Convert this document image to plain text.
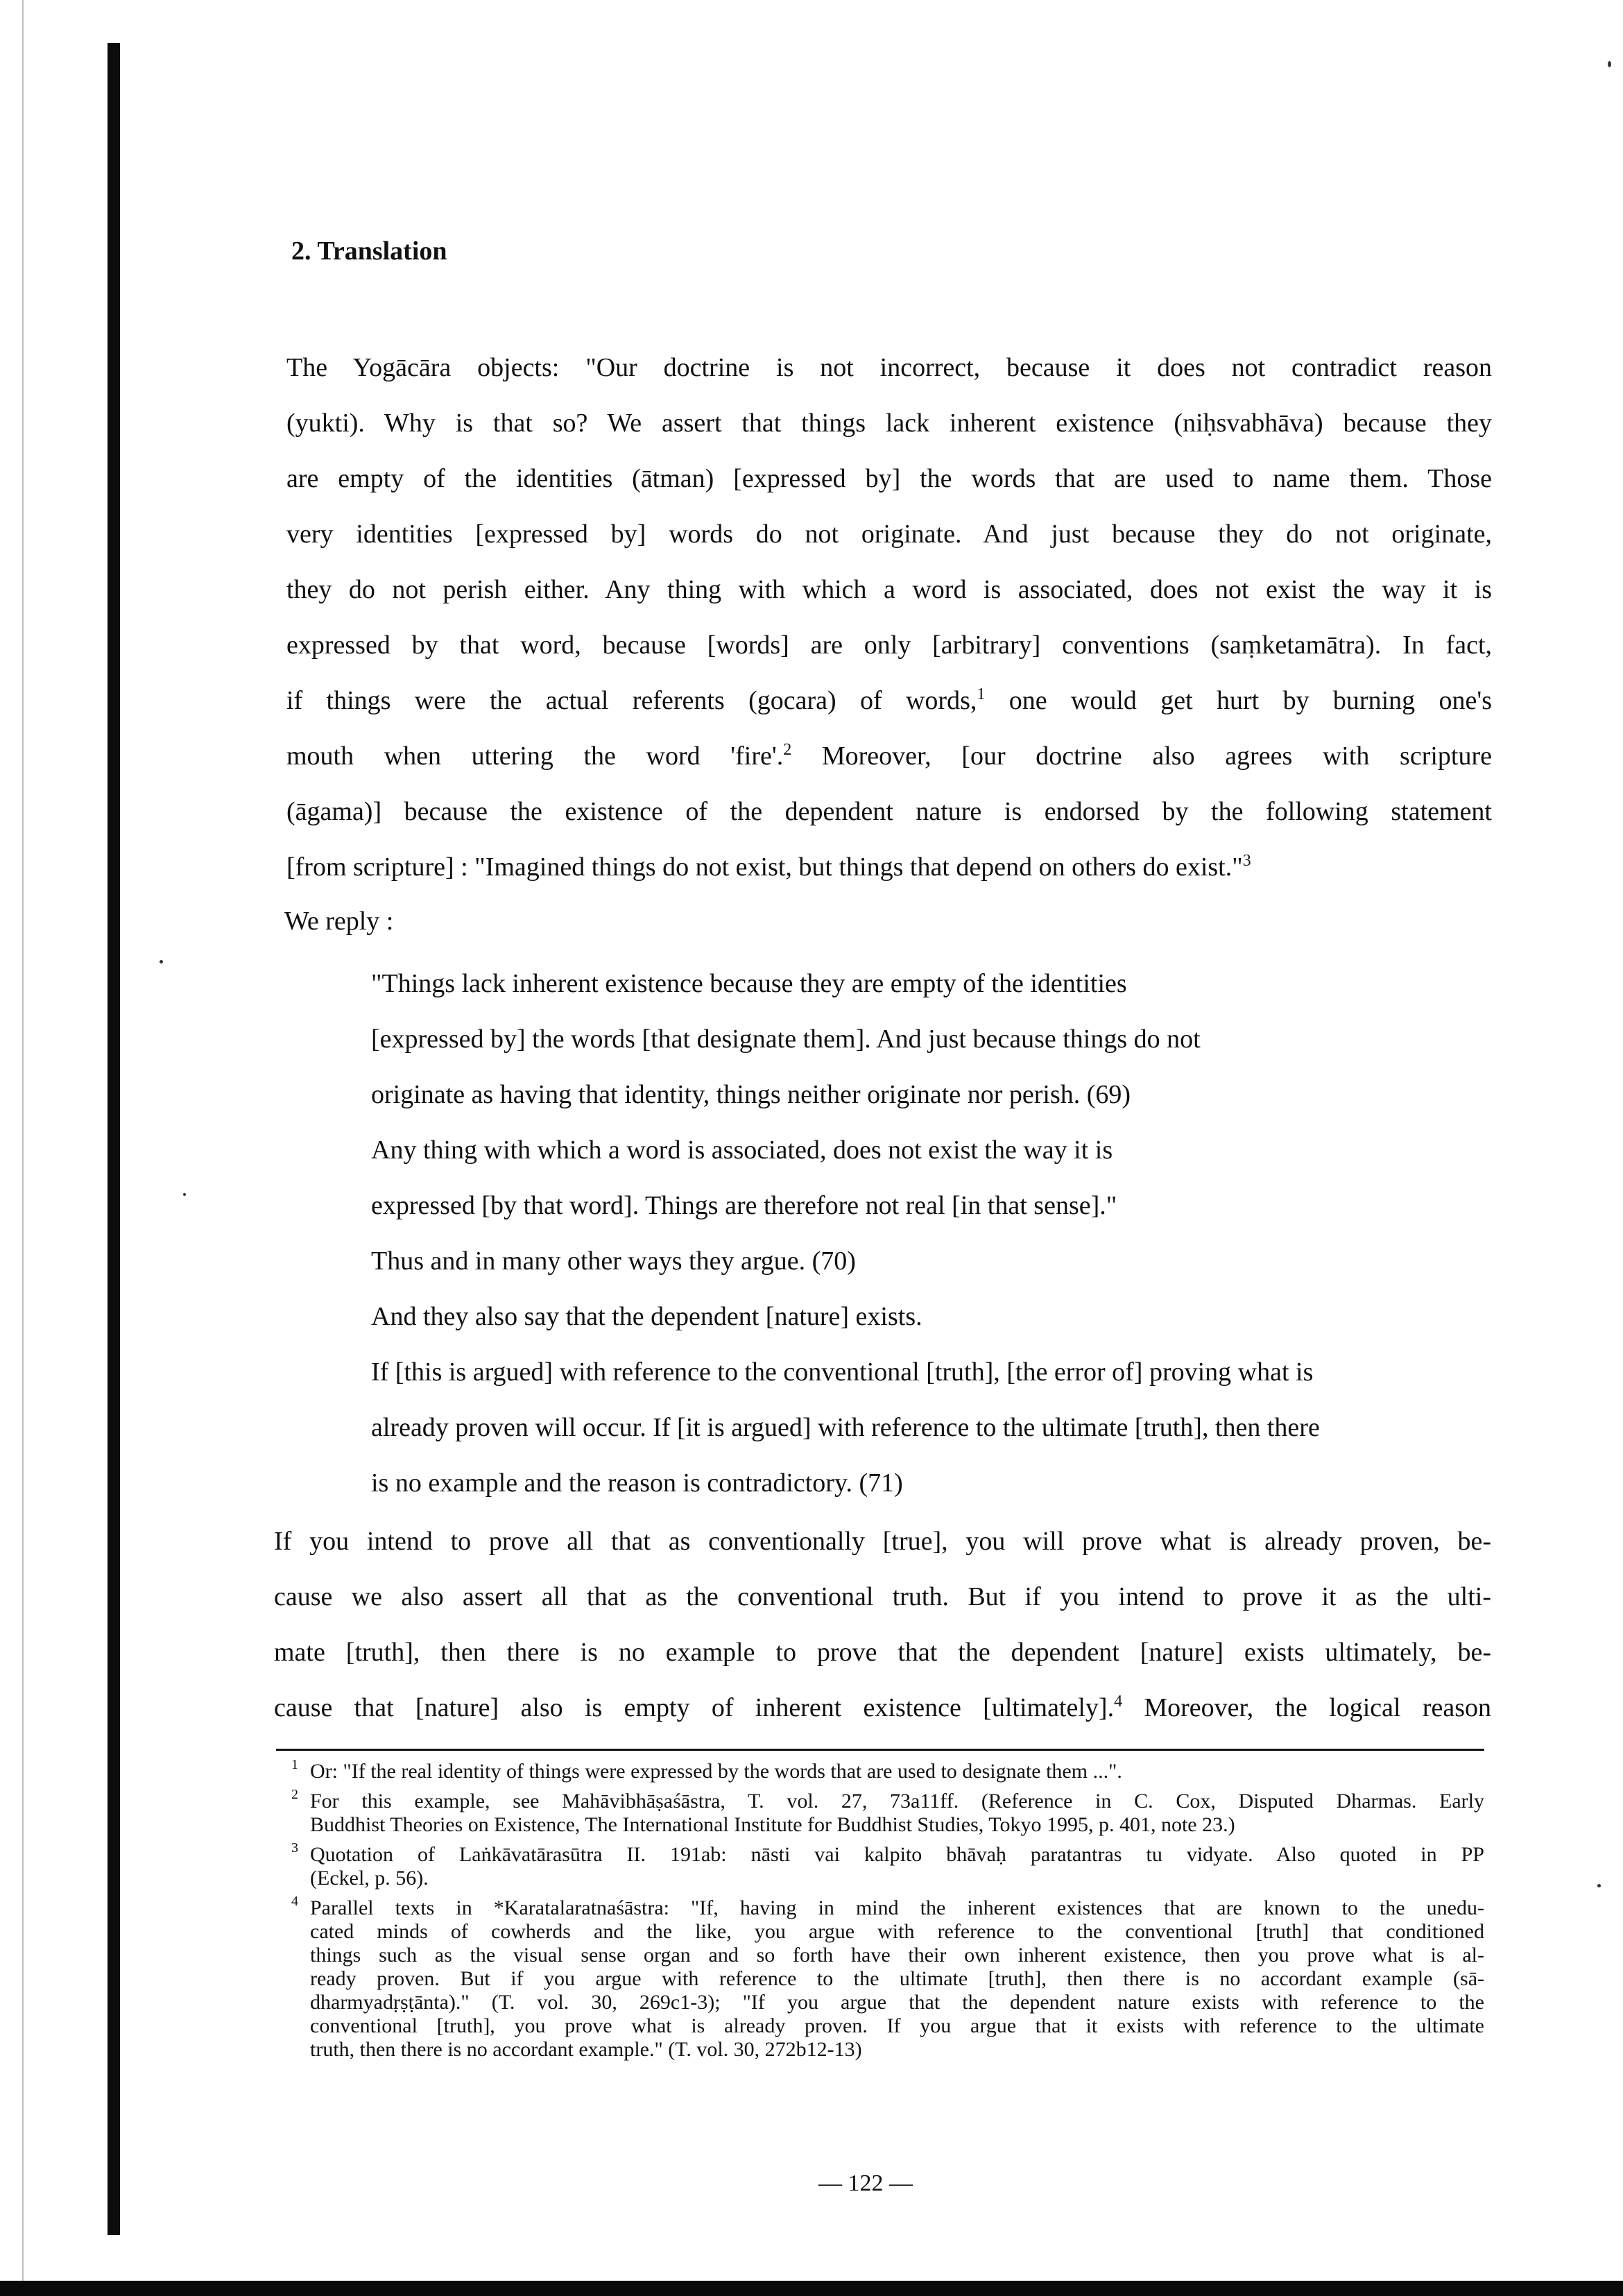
2. Translation
The Yogācāra objects: "Our doctrine is not incorrect, because it does not contradict reason
(yukti). Why is that so? We assert that things lack inherent existence (niḥsvabhāva) because they
are empty of the identities (ātman) [expressed by] the words that are used to name them. Those
very identities [expressed by] words do not originate. And just because they do not originate,
they do not perish either. Any thing with which a word is associated, does not exist the way it is
expressed by that word, because [words] are only [arbitrary] conventions (saṃketamātra). In fact,
if things were the actual referents (gocara) of words,$^1$ one would get hurt by burning one's
mouth when uttering the word 'fire'.$^2$ Moreover, [our doctrine also agrees with scripture
(āgama)] because the existence of the dependent nature is endorsed by the following statement
[from scripture] : "Imagined things do not exist, but things that depend on others do exist."$^3$
We reply :
"Things lack inherent existence because they are empty of the identities
[expressed by] the words [that designate them]. And just because things do not
originate as having that identity, things neither originate nor perish. (69)
Any thing with which a word is associated, does not exist the way it is
expressed [by that word]. Things are therefore not real [in that sense]."
Thus and in many other ways they argue. (70)
And they also say that the dependent [nature] exists.
If [this is argued] with reference to the conventional [truth], [the error of] proving what is
already proven will occur. If [it is argued] with reference to the ultimate [truth], then there
is no example and the reason is contradictory. (71)
If you intend to prove all that as conventionally [true], you will prove what is already proven, be-
cause we also assert all that as the conventional truth. But if you intend to prove it as the ulti-
mate [truth], then there is no example to prove that the dependent [nature] exists ultimately, be-
cause that [nature] also is empty of inherent existence [ultimately].$^4$ Moreover, the logical reason
1 Or: "If the real identity of things were expressed by the words that are used to designate them ...".
2 For this example, see Mahāvibhāṣaśāstra, T. vol. 27, 73a11ff. (Reference in C. Cox, Disputed Dharmas. Early
Buddhist Theories on Existence, The International Institute for Buddhist Studies, Tokyo 1995, p. 401, note 23.)
3 Quotation of Laṅkāvatārasūtra II. 191ab: nāsti vai kalpito bhāvaḥ paratantras tu vidyate. Also quoted in PP
(Eckel, p. 56).
4 Parallel texts in *Karatalaratnaśāstra: "If, having in mind the inherent existences that are known to the unedu-
cated minds of cowherds and the like, you argue with reference to the conventional [truth] that conditioned
things such as the visual sense organ and so forth have their own inherent existence, then you prove what is al-
ready proven. But if you argue with reference to the ultimate [truth], then there is no accordant example (sā-
dharmyadṛṣṭānta)." (T. vol. 30, 269c1-3); "If you argue that the dependent nature exists with reference to the
conventional [truth], you prove what is already proven. If you argue that it exists with reference to the ultimate
truth, then there is no accordant example." (T. vol. 30, 272b12-13)
— 122 —
